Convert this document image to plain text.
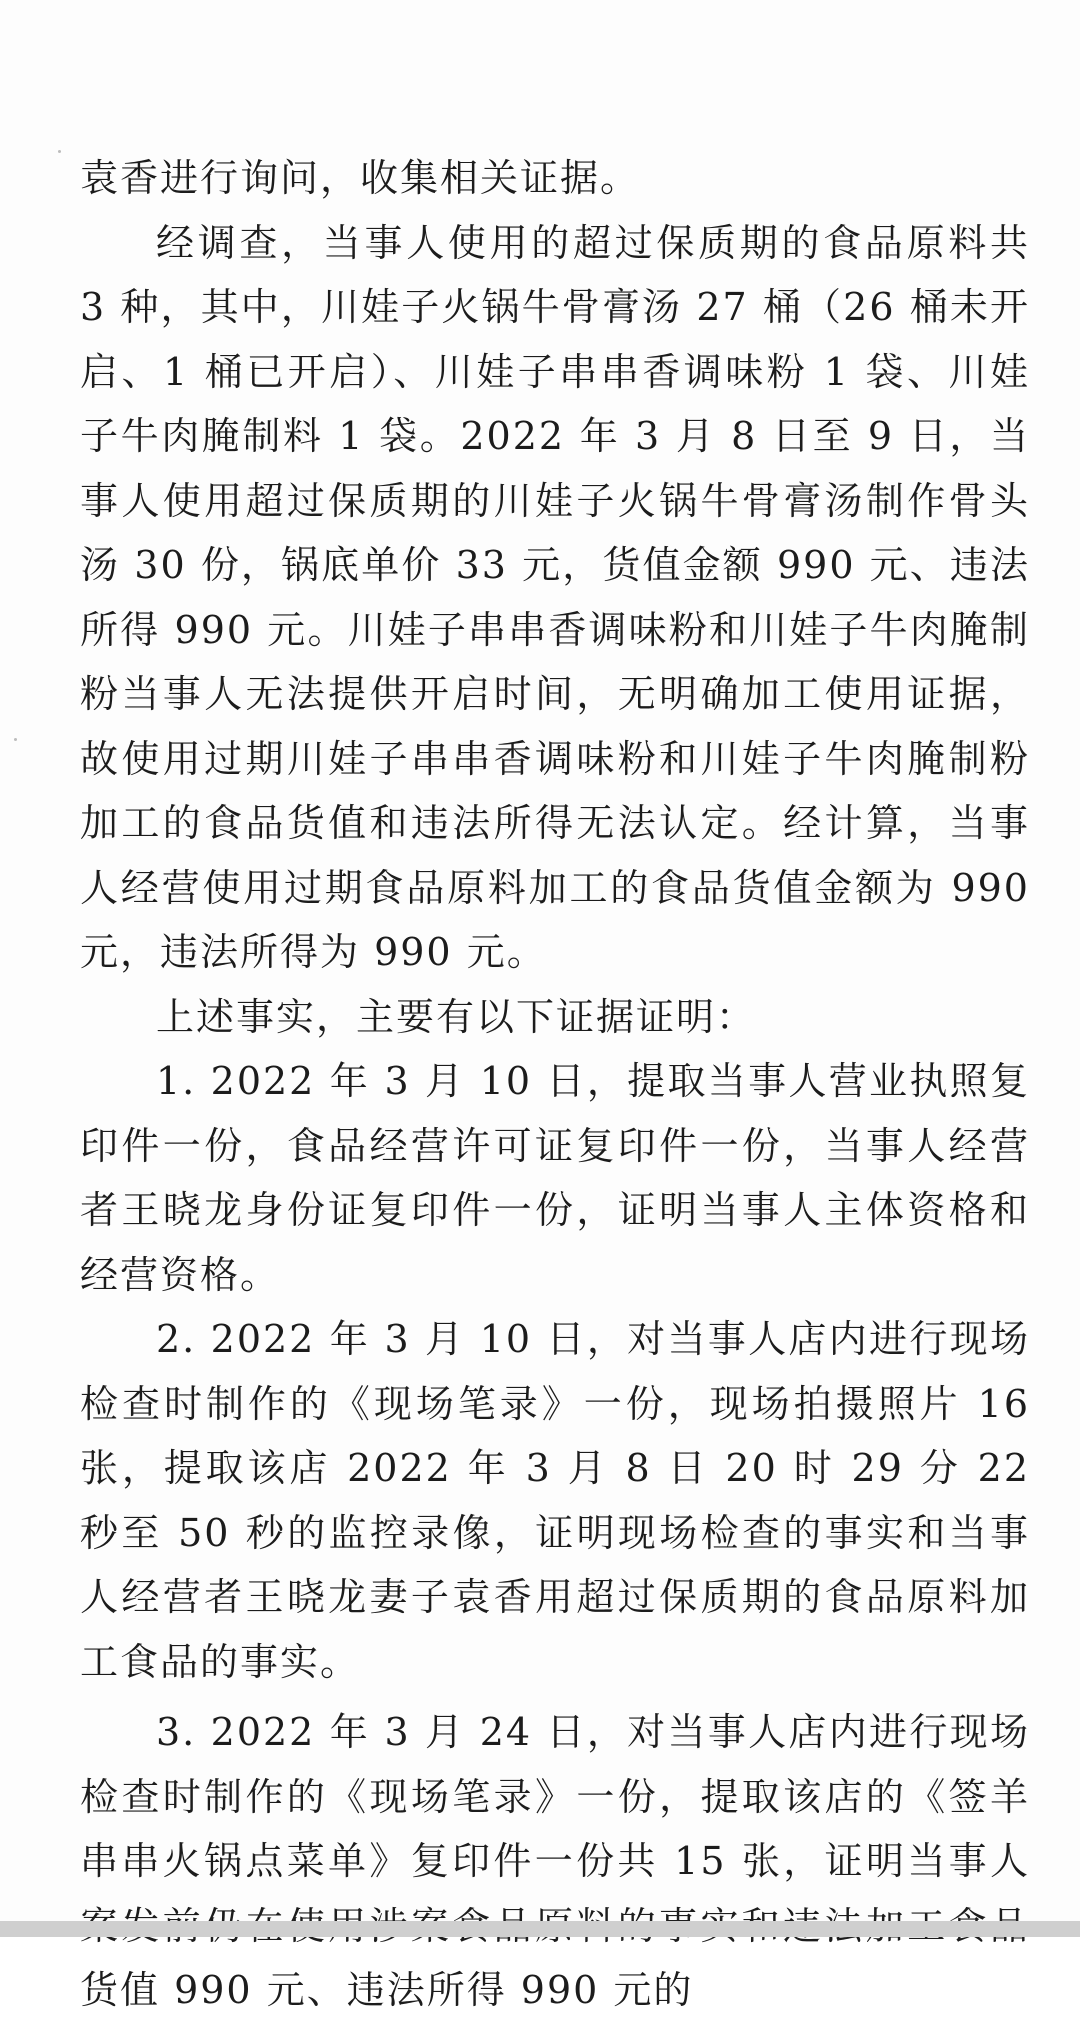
袁香进行询问，收集相关证据。

经调查，当事人使用的超过保质期的食品原料共 3 种，其中，川娃子火锅牛骨膏汤 27 桶（26 桶未开启、1 桶已开启）、川娃子串串香调味粉 1 袋、川娃子牛肉腌制料 1 袋。2022 年 3 月 8 日至 9 日，当事人使用超过保质期的川娃子火锅牛骨膏汤制作骨头汤 30 份，锅底单价 33 元，货值金额 990 元、违法所得 990 元。川娃子串串香调味粉和川娃子牛肉腌制粉当事人无法提供开启时间，无明确加工使用证据，故使用过期川娃子串串香调味粉和川娃子牛肉腌制粉加工的食品货值和违法所得无法认定。经计算，当事人经营使用过期食品原料加工的食品货值金额为 990 元，违法所得为 990 元。

上述事实，主要有以下证据证明：

1. 2022 年 3 月 10 日，提取当事人营业执照复印件一份，食品经营许可证复印件一份，当事人经营者王晓龙身份证复印件一份，证明当事人主体资格和经营资格。

2. 2022 年 3 月 10 日，对当事人店内进行现场检查时制作的《现场笔录》一份，现场拍摄照片 16 张，提取该店 2022 年 3 月 8 日 20 时 29 分 22 秒至 50 秒的监控录像，证明现场检查的事实和当事人经营者王晓龙妻子袁香用超过保质期的食品原料加工食品的事实。

3. 2022 年 3 月 24 日，对当事人店内进行现场检查时制作的《现场笔录》一份，提取该店的《签羊串串火锅点菜单》复印件一份共 15 张，证明当事人 货值 990 元、违法所得 990 元的
